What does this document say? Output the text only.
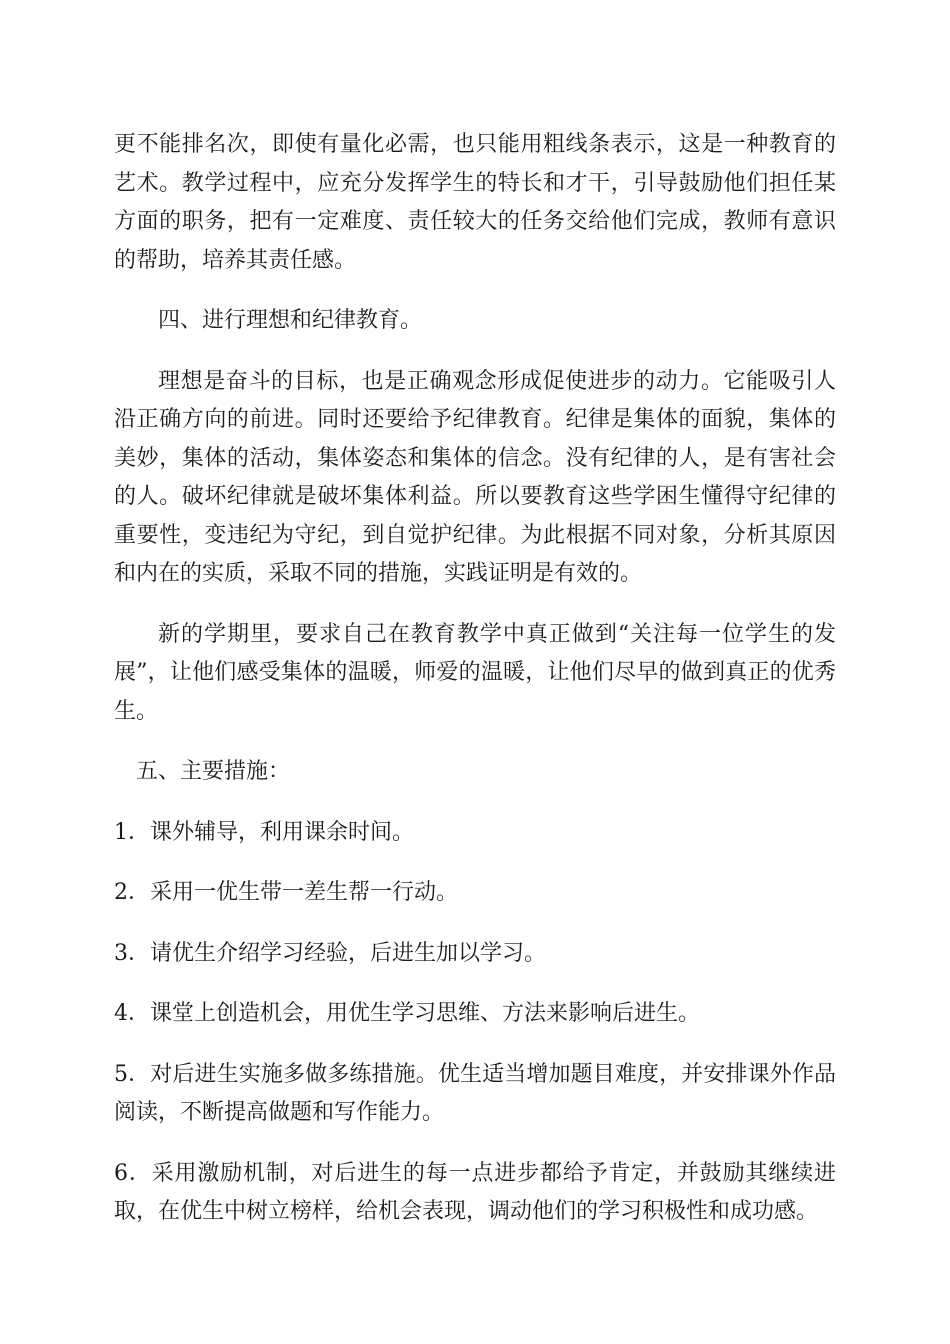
更不能排名次，即使有量化必需，也只能用粗线条表示，这是一种教育的艺术。教学过程中，应充分发挥学生的特长和才干，引导鼓励他们担任某方面的职务，把有一定难度、责任较大的任务交给他们完成，教师有意识的帮助，培养其责任感。

四、进行理想和纪律教育。

理想是奋斗的目标，也是正确观念形成促使进步的动力。它能吸引人沿正确方向的前进。同时还要给予纪律教育。纪律是集体的面貌，集体的美妙，集体的活动，集体姿态和集体的信念。没有纪律的人，是有害社会的人。破坏纪律就是破坏集体利益。所以要教育这些学困生懂得守纪律的重要性，变违纪为守纪，到自觉护纪律。为此根据不同对象，分析其原因和内在的实质，采取不同的措施，实践证明是有效的。

新的学期里，要求自己在教育教学中真正做到“关注每一位学生的发展”，让他们感受集体的温暖，师爱的温暖，让他们尽早的做到真正的优秀生。

五、主要措施：

1．课外辅导，利用课余时间。

2．采用一优生带一差生帮一行动。

3．请优生介绍学习经验，后进生加以学习。

4．课堂上创造机会，用优生学习思维、方法来影响后进生。

5．对后进生实施多做多练措施。优生适当增加题目难度，并安排课外作品阅读，不断提高做题和写作能力。

6．采用激励机制，对后进生的每一点进步都给予肯定，并鼓励其继续进取，在优生中树立榜样，给机会表现，调动他们的学习积极性和成功感。
